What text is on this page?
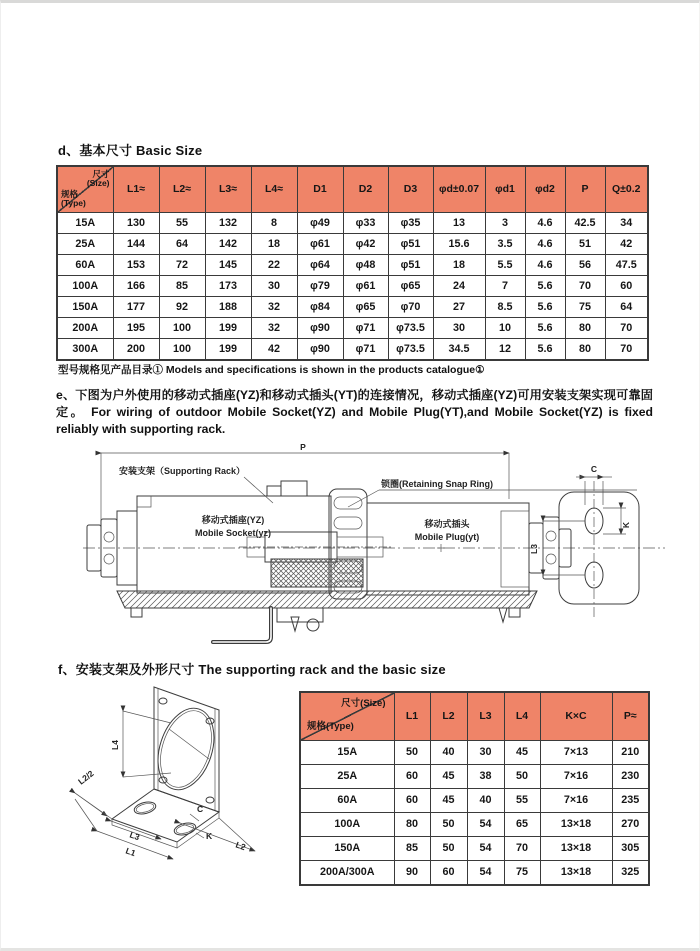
d、基本尺寸 Basic Size
尺寸
(Size)
规格
(Type)	L1≈	L2≈	L3≈	L4≈	D1	D2	D3	φd±0.07	φd1	φd2	P	Q±0.2
15A	130	55	132	8	φ49	φ33	φ35	13	3	4.6	42.5	34
25A	144	64	142	18	φ61	φ42	φ51	15.6	3.5	4.6	51	42
60A	153	72	145	22	φ64	φ48	φ51	18	5.5	4.6	56	47.5
100A	166	85	173	30	φ79	φ61	φ65	24	7	5.6	70	60
150A	177	92	188	32	φ84	φ65	φ70	27	8.5	5.6	75	64
200A	195	100	199	32	φ90	φ71	φ73.5	30	10	5.6	80	70
300A	200	100	199	42	φ90	φ71	φ73.5	34.5	12	5.6	80	70
型号规格见产品目录① Models and specifications is shown in the products catalogue①
e、下图为户外使用的移动式插座(YZ)和移动式插头(YT)的连接情况，移动式插座(YZ)可用安装支架实现可靠固定。 For wiring of outdoor Mobile Socket(YZ) and Mobile Plug(YT),and Mobile Socket(YZ) is fixed reliably with supporting rack.
P
安装支架（Supporting Rack）
锁圈(Retaining Snap Ring)
移动式插座(YZ)
Mobile Socket(yz)
移动式插头
Mobile Plug(yt)
C
K
L3
f、安装支架及外形尺寸 The supporting rack and the basic size
L4
L2/2
L3
L1
C
K
L2
尺寸(Size)
规格(Type)	L1	L2	L3	L4	K×C	P≈
15A	50	40	30	45	7×13	210
25A	60	45	38	50	7×16	230
60A	60	45	40	55	7×16	235
100A	80	50	54	65	13×18	270
150A	85	50	54	70	13×18	305
200A/300A	90	60	54	75	13×18	325
